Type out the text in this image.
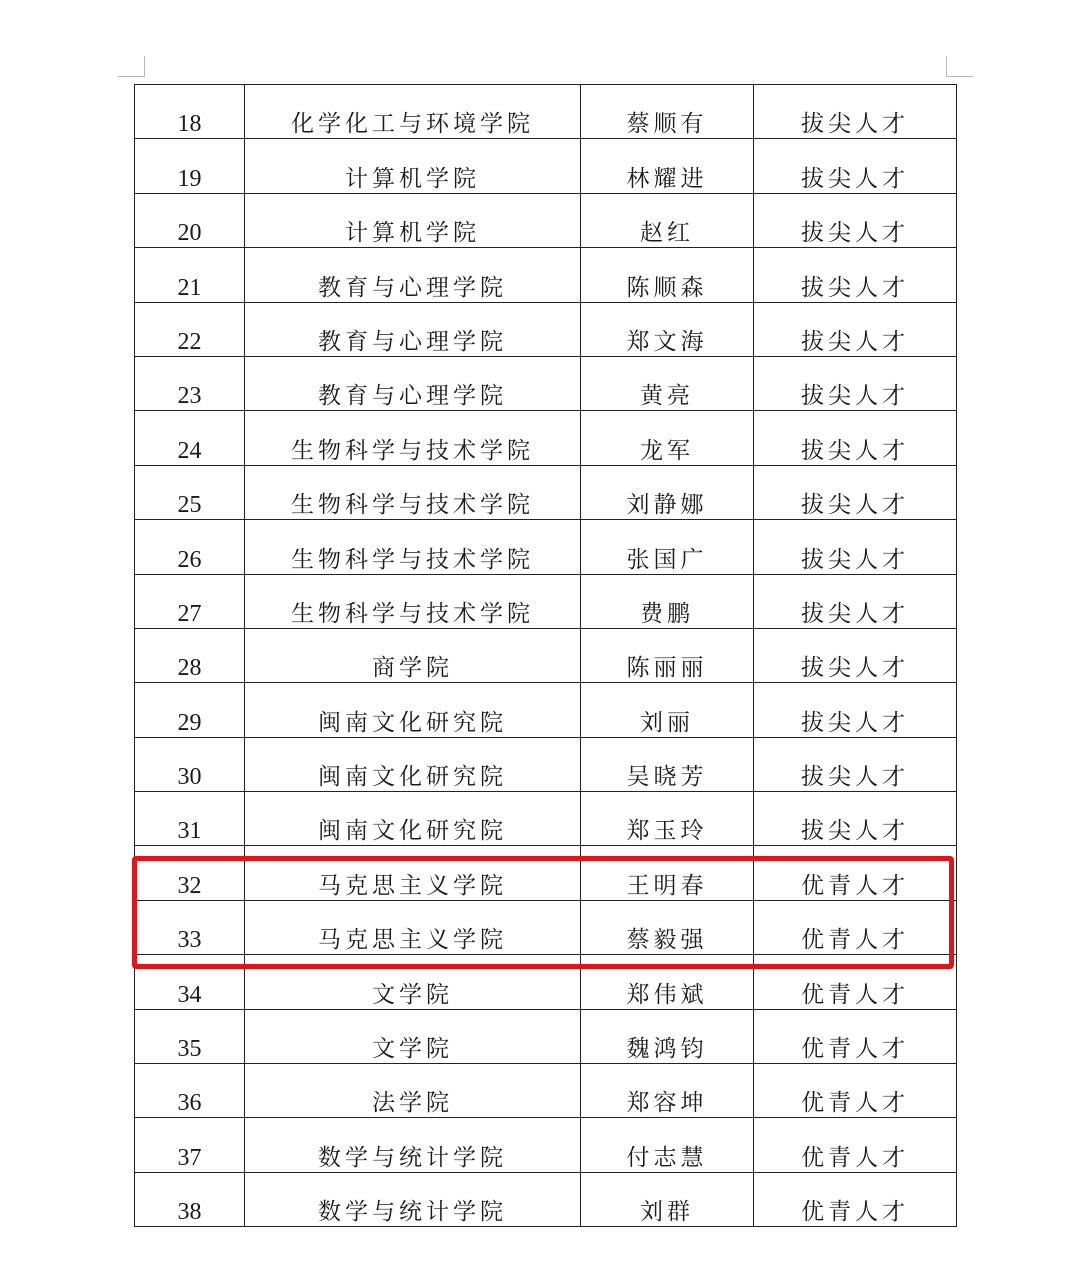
18	化学化工与环境学院	蔡顺有	拔尖人才
19	计算机学院	林耀进	拔尖人才
20	计算机学院	赵红	拔尖人才
21	教育与心理学院	陈顺森	拔尖人才
22	教育与心理学院	郑文海	拔尖人才
23	教育与心理学院	黄亮	拔尖人才
24	生物科学与技术学院	龙军	拔尖人才
25	生物科学与技术学院	刘静娜	拔尖人才
26	生物科学与技术学院	张国广	拔尖人才
27	生物科学与技术学院	费鹏	拔尖人才
28	商学院	陈丽丽	拔尖人才
29	闽南文化研究院	刘丽	拔尖人才
30	闽南文化研究院	吴晓芳	拔尖人才
31	闽南文化研究院	郑玉玲	拔尖人才
32	马克思主义学院	王明春	优青人才
33	马克思主义学院	蔡毅强	优青人才
34	文学院	郑伟斌	优青人才
35	文学院	魏鸿钧	优青人才
36	法学院	郑容坤	优青人才
37	数学与统计学院	付志慧	优青人才
38	数学与统计学院	刘群	优青人才
